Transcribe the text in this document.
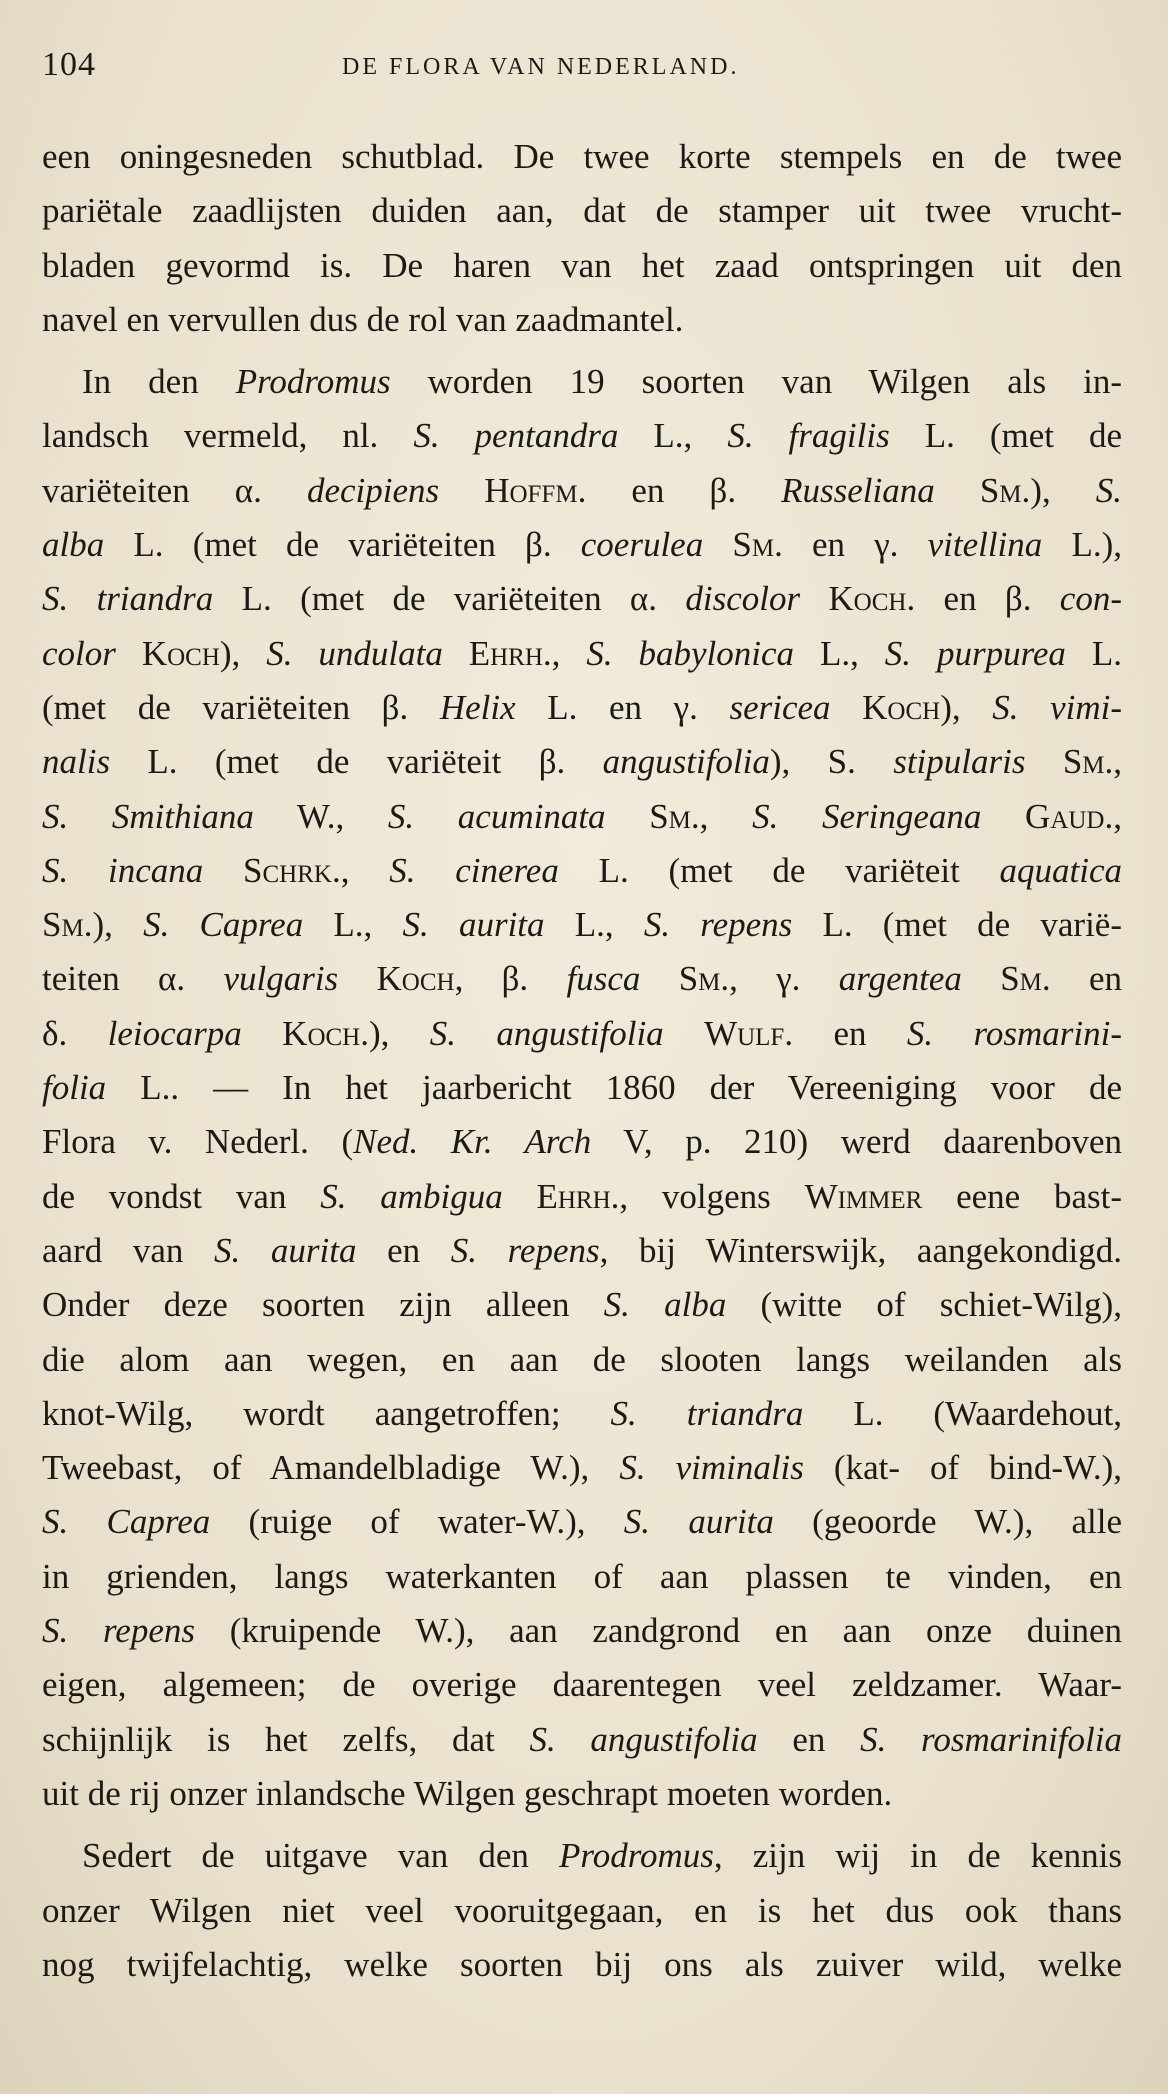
104	DE FLORA VAN NEDERLAND.
een oningesneden schutblad. De twee korte stempels en de twee
pariëtale zaadlijsten duiden aan, dat de stamper uit twee vrucht-
bladen gevormd is. De haren van het zaad ontspringen uit den
navel en vervullen dus de rol van zaadmantel.
In den Prodromus worden 19 soorten van Wilgen als in-
landsch vermeld, nl. S. pentandra L., S. fragilis L. (met de
variëteiten α. decipiens Hoffm. en β. Russeliana Sm.), S.
alba L. (met de variëteiten β. coerulea Sm. en γ. vitellina L.),
S. triandra L. (met de variëteiten α. discolor Koch. en β. con-
color Koch), S. undulata Ehrh., S. babylonica L., S. purpurea L.
(met de variëteiten β. Helix L. en γ. sericea Koch), S. vimi-
nalis L. (met de variëteit β. angustifolia), S. stipularis Sm.,
S. Smithiana W., S. acuminata Sm., S. Seringeana Gaud.,
S. incana Schrk., S. cinerea L. (met de variëteit aquatica
Sm.), S. Caprea L., S. aurita L., S. repens L. (met de varië-
teiten α. vulgaris Koch, β. fusca Sm., γ. argentea Sm. en
δ. leiocarpa Koch.), S. angustifolia Wulf. en S. rosmarini-
folia L.. — In het jaarbericht 1860 der Vereeniging voor de
Flora v. Nederl. (Ned. Kr. Arch V, p. 210) werd daarenboven
de vondst van S. ambigua Ehrh., volgens Wimmer eene bast-
aard van S. aurita en S. repens, bij Winterswijk, aangekondigd.
Onder deze soorten zijn alleen S. alba (witte of schiet-Wilg),
die alom aan wegen, en aan de slooten langs weilanden als
knot-Wilg, wordt aangetroffen; S. triandra L. (Waardehout,
Tweebast, of Amandelbladige W.), S. viminalis (kat- of bind-W.),
S. Caprea (ruige of water-W.), S. aurita (geoorde W.), alle
in grienden, langs waterkanten of aan plassen te vinden, en
S. repens (kruipende W.), aan zandgrond en aan onze duinen
eigen, algemeen; de overige daarentegen veel zeldzamer. Waar-
schijnlijk is het zelfs, dat S. angustifolia en S. rosmarinifolia
uit de rij onzer inlandsche Wilgen geschrapt moeten worden.
Sedert de uitgave van den Prodromus, zijn wij in de kennis
onzer Wilgen niet veel vooruitgegaan, en is het dus ook thans
nog twijfelachtig, welke soorten bij ons als zuiver wild, welke
